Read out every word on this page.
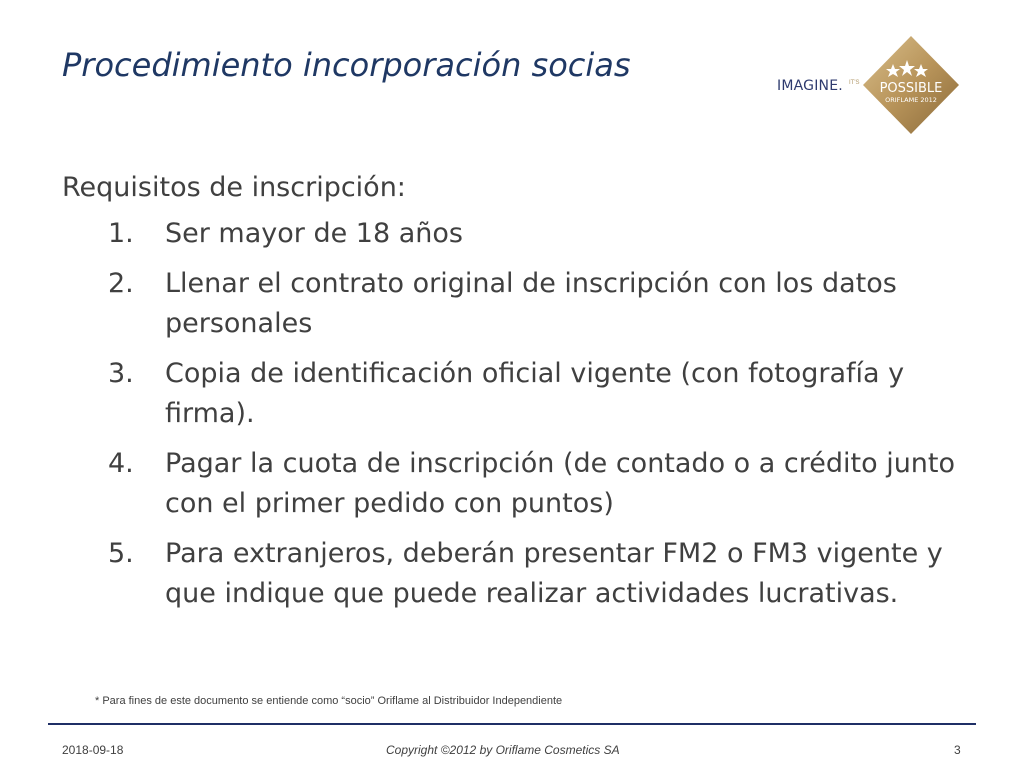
Procedimiento incorporación socias
IMAGINE. IT'S POSSIBLE
ORIFLAME 2012

Requisitos de inscripción:

1.	Ser mayor de 18 años
2.	Llenar el contrato original de inscripción con los datos personales
3.	Copia de identificación oficial vigente (con fotografía y firma).
4.	Pagar la cuota de inscripción (de contado o a crédito junto con el primer pedido con puntos)
5.	Para extranjeros, deberán presentar FM2 o FM3 vigente y que indique que puede realizar actividades lucrativas.
* Para fines de este documento se entiende como “socio” Oriflame al Distribuidor Independiente
2018-09-18	Copyright ©2012 by Oriflame Cosmetics SA	3
